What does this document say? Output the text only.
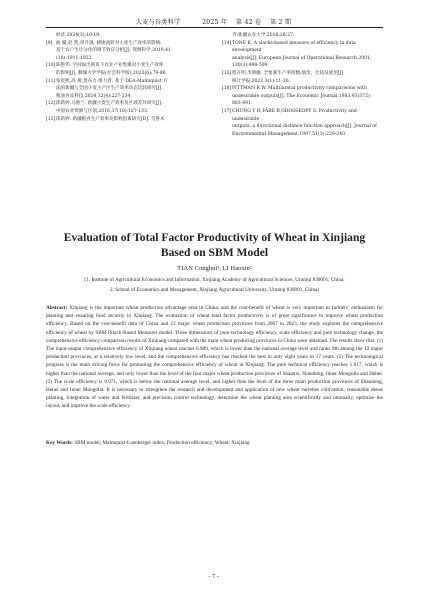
大麦与谷类科学	2025 年 第 42 卷 第 2 期

经济,2024(3):10-19.

[9] 曲 朦,赵 凯,周升强. 耕地流转对小麦生产效率的影响:

基于农户生计分化的调节效应分析[J]. 资源科学,2019,41

(10):1911-1922.

[10] 陈艳伟. 空间溢出视角下农业产业集聚对小麦生产效率

的影响[J]. 聊城大学学报(社会科学版),2023(6):79-86.

[11] 张宸熙,高 燕,奥布力·塔力普. 基于 DEA-Malmquist 方

法的新疆与全国小麦主产区生产效率动态比较研究[J].

粮油食品科技,2024,32(4):227-234.

[12] 郎新婷,马惠兰. 新疆小麦生产效率及区域差异研究[J].

中国农业资源与区划,2016,37(10):127-133.

[13] 郎新婷. 新疆粮食生产效率及影响因素研究[D]. 乌鲁木

齐:新疆农业大学,2016:26-27.

[14] TONE K. A slacks-based measure of efficiency in data envelopment

analysis[J]. European Journal of Operational Research,2001,

130(3):498-509.

[15] 程开明,李泗娥. 全要素生产率指数:演变、比较及展望[J].

统计学报,2022,3(1):11-26.

[16] PITTMAN R W. Multilateral productivity comparisons with

undesirable outputs[J]. The Economic Journal,1983,93(372):

883-891.

[17] CHUNG Y H,FÄRE R,GROSSKOPF S. Productivity and undesirable

outputs: a directional distance function approach[J]. Journal of

Environmental Management,1997,51(3):229-240.

Evaluation of Total Factor Productivity of Wheat in Xinjiang
Based on SBM Model
TIAN Conghui¹, LI Haoxin²
(1. Institute of Agricultural Economics and Information, Xinjiang Academy of Agricultural Sciences, Urumqi 830091, China;
2. School of Economics and Management, Xinjiang Agricultural University, Urumqi 830091, China)

Abstract: Xinjiang is the important wheat production advantage area in China, and the cost-benefit of wheat is very important to farmers’ enthusiasm for planting and ensuring food security in Xinjiang. The evaluation of wheat total factor productivity is of great significance to improve wheat production efficiency. Based on the cost-benefit data of China and 12 major wheat production provinces from 2007 to 2023, the study explores the comprehensive efficiency of wheat by SBM (Slack-Based Measure) model. Three dimensions of pure technology efficiency, scale efficiency and pure technology change, the comprehensive efficiency comparison results of Xinjiang compared with the main wheat producing provinces in China were obtained. The results show that: (1) The input-output comprehensive efficiency of Xinjiang wheat reaches 0.989, which is lower than the national average level and ranks 9th among the 12 major production provinces, at a relatively low level, and the comprehensive efficiency has reached the best in only eight years in 17 years. (2) The technological progress is the main driving force for promoting the comprehensive efficiency of wheat in Xinjiang. The pure technical efficiency reaches 1.017, which is higher than the national average, and only lower than the level of the four major wheat production provinces of Shaanxi, Shandong, Inner Mongolia and Hebei. (3) The scale efficiency is 0.971, which is below the national average level, and higher than the level of the three main production provinces of Shandong, Hebei and Inner Mongolia. It is necessary to strengthen the research and development and application of new wheat varieties cultivation, reasonable dense planting, integration of water and fertilizer, and precision control technology, determine the wheat planting area scientifically and rationally, optimize the layout, and improve the scale efficiency.

Key Words: SBM model; Malmquist-Luenberger index; Production efficiency; Wheat; Xinjiang
- 7 -
